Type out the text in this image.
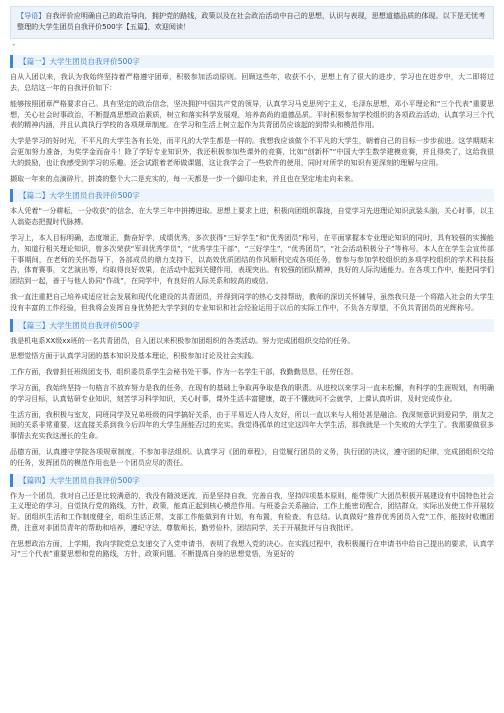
【导语】自我评价应明确自己的政治导向，拥护党的路线，政策以及在社会政治活动中自己的思想，认识与表现，思想道德品质的体现。以下是无忧考整理的大学生团员自我评价500字【五篇】，欢迎阅读！
•
【篇一】大学生团员自我评价500字

自从入团以来，我认为我始终坚持着严格遵守团章，积极参加活动原则。回顾这些年，收获不小，思想上有了很大的进步，学习也在进步中，大二即将过去，总结这一年的自我评价如下：

能够按照团章严格要求自己。具有坚定的政治信念，坚决拥护中国共产党的领导，认真学习马克思列宁主义，毛泽东思想，邓小平理论和“三个代表”重要思想，关心社会时事政治，不断提高思想政治素质，树立和落实科学发展观，培养高尚的道德品质。平时积极参加学校组织的各项政治活动，认真学习三个代表的精神内涵，并且认真执行学校的各项规章制度。在学习和生活上树立起作为共青团员应该起的到带头和模范作用。

大学是学习的好时光，不平凡的大学生各有长处，而平凡的大学生都是一样的。我想我应该做个不平凡的大学生，朝着自己的目标一步步前进。这学期期末会更加努力准备，为奖学金而奋斗！除了学好专业知识外，我还积极参加些课外的竞赛，比如“创新杯”“中国大学生数学建模竞赛，并且得奖了，这给我很大的鼓励，也让我感受到学习的乐趣。还会试跟着老师做课题，这让我学会了一些软件的使用，同时对所学的知识有更深刻的理解与应用。

撷取一年来的点滴碎片，拼凑的整个大二是充实的，每一天都是一步一个脚印走来，并且也在坚定地走向未来。

【篇二】大学生团员自我评价500字

本人凭着“一分耕耘，一分收获”的信念，在大学三年中拼搏进取。思想上要求上进，积极向团组织靠拢，自觉学习先进理论知识武装头脑，关心时事，以主人翁姿态把握时代脉搏。

学习上，本人目标明确，态度端正，勤奋好学，成绩优秀，多次获得“三好学生”和“优秀团员”称号，在平面掌握本专业理论知识的同时，具有较强的实操能力，知道行相关理论知识，曾多次荣获“军训优秀学员”，“优秀学生干部”，“三好学生”，“优秀团员”，“社会活动积极分子”等称号，本人在在学生会宣传部干事期间，在老师的关怀指导下，各部成员的鼎力支持下，以高效优质团结的作风顺利完成各项任务，曾参与参加学校组织的多项学校组织的学术科技报告，体育赛事，文艺演出等，均取得良好效果，在活动中起到关键作用，表现突出。有较强的团队精神，良好的人际沟通能力。在各项工作中，能把同学们团结到一起，善于与他人协同“作战”，在同学中，有良好的人际关系和较高的威信。

我一直注重把自己培养成适应社会发展和现代化建设的共青团员，并得到同学的热心支持帮助，教师的深切关怀辅导，虽然我只是一个将踏入社会的大学生没有丰富的工作经验，但我将会发挥自身优势把大学学到的专业知识和社会经验运用于以后的实际工作中，不负各方厚望，不负共青团员的光辉称号。

【篇三】大学生团员自我评价500字

我是机电系XX级xx班的一名共青团员，自入团以来积极参加团组织的各类活动。努力完成团组织交给的任务。

思想觉悟方面于认真学习团的基本知识及基本理论，积极参加讨论及社会实践。

工作方面，我曾担任班级团支书，组织委员系学生会秘书处干事。作为一名学生干部，我勤勤恳恳，任劳任怨。

学习方面，我始终坚持一句格言不放弃努力是我的任务，在现有的基础上争取再争取是我的职责。从进校以来学习一直未松懈，有科学的生涯规划，有明确的学习目标，认真钻研专业知识，刻苦学习科学知识，关心时事，课外生活丰富健康，敢于不懂就问不会就学，上课认真听讲，及时完成作业。

生活方面，我积极与室友，同班同学及兄弟班级的同学搞好关系，由于平易近人待人友好，所以一直以来与人相处甚是融洽。我深刻意识到爱同学，朋友之间的关系非常重要，这直接关系到我今后四年的大学生涯能否过的充实。我觉得孤单的过完这四年大学生活，那我就是一个失败的大学生了。我需要做很多事情去充实我这漫长的生命。

品德方面，认真遵守学院各项规章制度，不参加非法组织。认真学习《团的章程》，自觉履行团员的义务，执行团的决议，遵守团的纪律，完成团组织交给的任务，发挥团员的模范作用也是一个团员应尽的责任。

【篇四】大学生团员自我评价500字

作为一个团员，我对自己还是比较满意的，我没有随波逐流，而是坚持自我，完善自我，坚持四项基本原则，能带领广大团员积极开展建设有中国特色社会主义理论的学习，自觉执行党的路线，方针，政策，能真正起到核心模范作用。与班委会关系融洽，工作上能密切配合，团结群众，实际出发使工作开展较好。团组织生活和工作制度健全，组织生活正常，支部工作能做到有计划，有布置，有检查，有总结。认真做好“推荐优秀团员入党”工作，能按时收缴团费，注意对非团员青年的帮助和培养，遵纪守法，尊敬师长，勤劳俭朴，团结同学，关于开展批评与自我批评。

在思想政治方面，上学期，我向学院党总支递交了入党申请书，表明了我想入党的决心。在实践过程中，我积极履行在申请书中给自己提出的要求，认真学习“三个代表”重要思想和党的路线，方针，政策问题。不断提高自身的思想觉悟，为更好的
